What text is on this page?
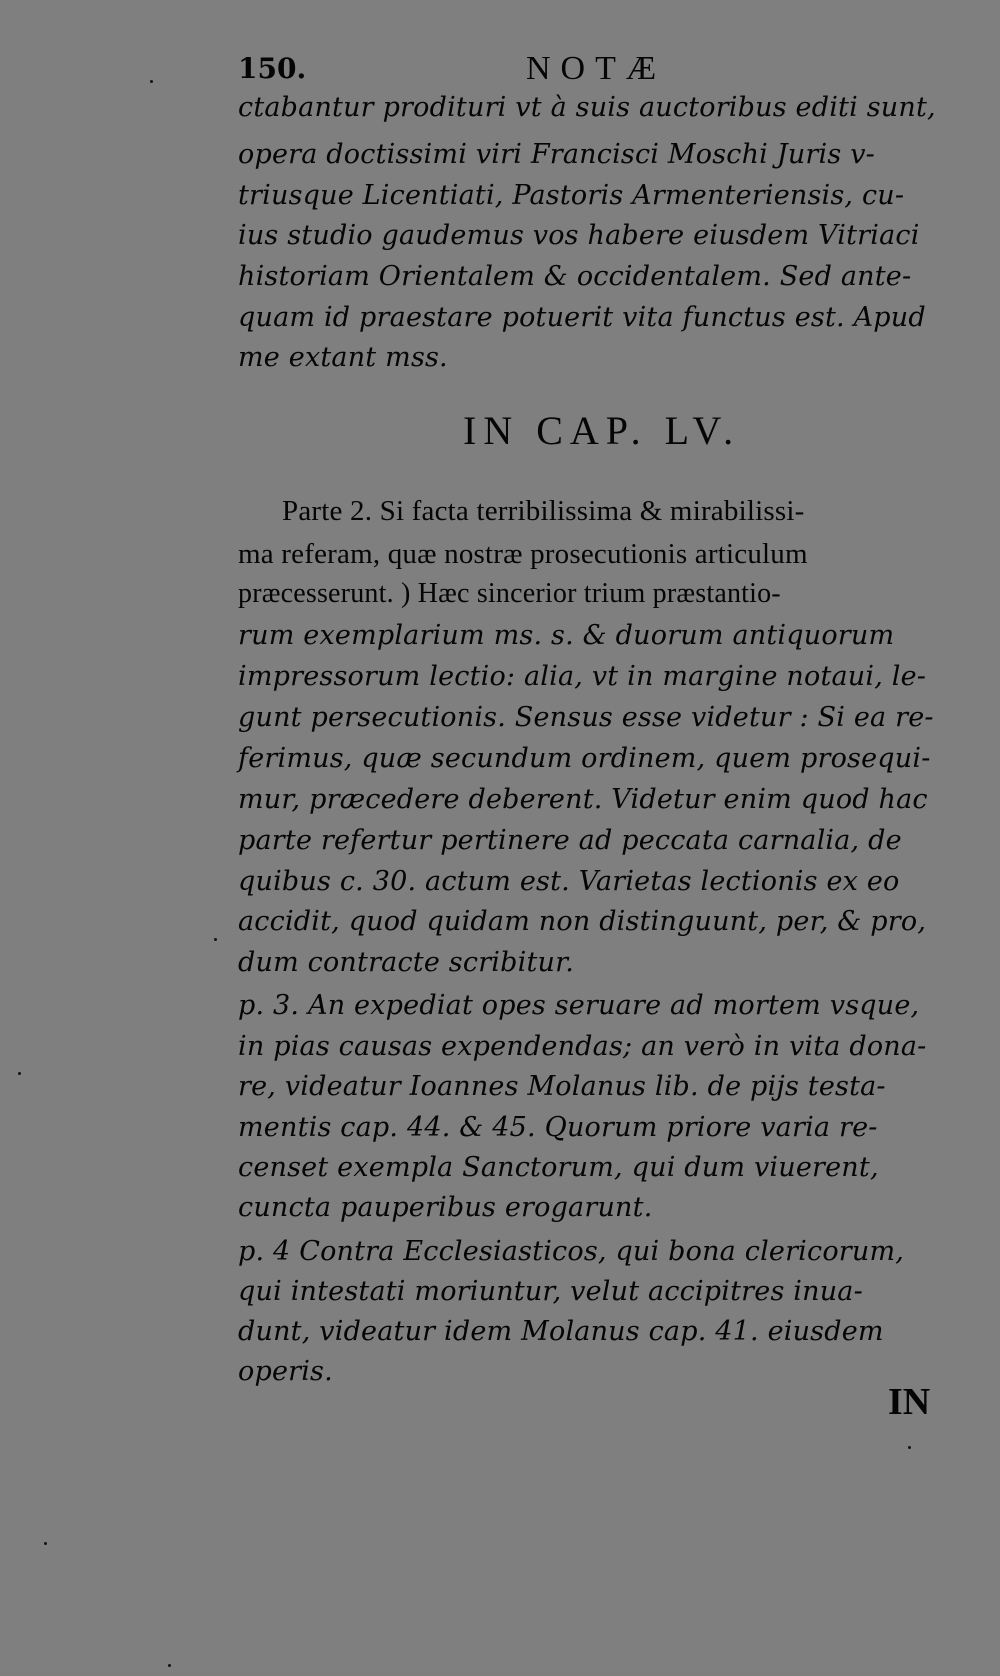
150.	NOTÆ
ctabantur prodituri vt à suis auctoribus editi sunt,
opera doctissimi viri Francisci Moschi Juris v-
triusque Licentiati, Pastoris Armenteriensis, cu-
ius studio gaudemus vos habere eiusdem Vitriaci
historiam Orientalem & occidentalem. Sed ante-
quam id praestare potuerit vita functus est. Apud
me extant mss.
IN CAP. LV.
Parte 2. Si facta terribilissima & mirabilissi-
ma referam, quæ nostræ prosecutionis articulum
præcesserunt. ) Hæc sincerior trium præstantio-
rum exemplarium ms. s. & duorum antiquorum
impressorum lectio: alia, vt in margine notaui, le-
gunt persecutionis. Sensus esse videtur : Si ea re-
ferimus, quæ secundum ordinem, quem prosequi-
mur, præcedere deberent. Videtur enim quod hac
parte refertur pertinere ad peccata carnalia, de
quibus c. 30. actum est. Varietas lectionis ex eo
accidit, quod quidam non distinguunt, per, & pro,
dum contracte scribitur.
p. 3. An expediat opes seruare ad mortem vsque,
in pias causas expendendas; an verò in vita dona-
re, videatur Ioannes Molanus lib. de pijs testa-
mentis cap. 44. & 45. Quorum priore varia re-
censet exempla Sanctorum, qui dum viuerent,
cuncta pauperibus erogarunt.
p. 4 Contra Ecclesiasticos, qui bona clericorum,
qui intestati moriuntur, velut accipitres inua-
dunt, videatur idem Molanus cap. 41. eiusdem
operis.
IN
